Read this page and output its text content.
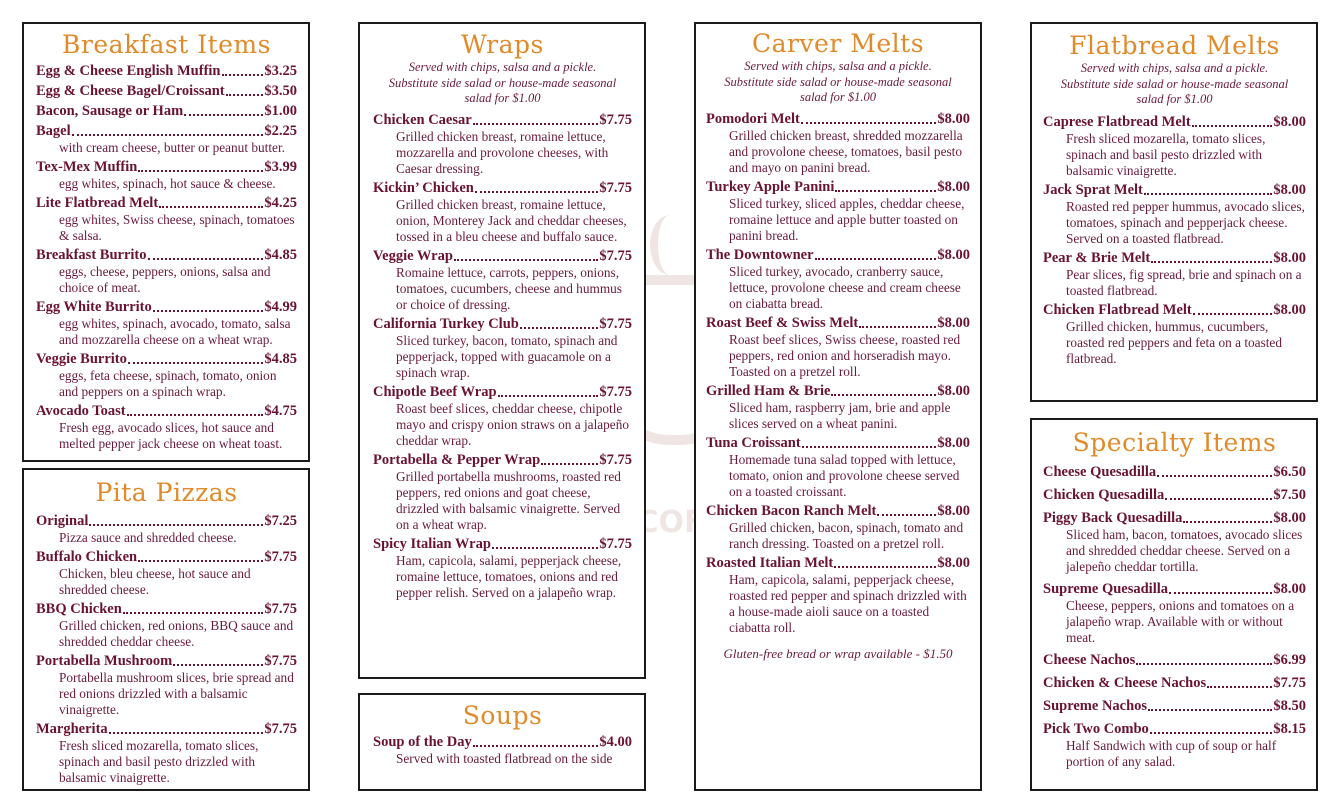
ST COFFEE
Breakfast Items
Egg & Cheese English Muffin	$3.25
Egg & Cheese Bagel/Croissant	$3.50
Bacon, Sausage or Ham	$1.00
Bagel	$2.25
with cream cheese, butter or peanut butter.
Tex-Mex Muffin	$3.99
egg whites, spinach, hot sauce & cheese.
Lite Flatbread Melt	$4.25
egg whites, Swiss cheese, spinach, tomatoes & salsa.
Breakfast Burrito	$4.85
eggs, cheese, peppers, onions, salsa and choice of meat.
Egg White Burrito	$4.99
egg whites, spinach, avocado, tomato, salsa and mozzarella cheese on a wheat wrap.
Veggie Burrito	$4.85
eggs, feta cheese, spinach, tomato, onion and peppers on a spinach wrap.
Avocado Toast	$4.75
Fresh egg, avocado slices, hot sauce and melted pepper jack cheese on wheat toast.
Pita Pizzas
Original	$7.25
Pizza sauce and shredded cheese.
Buffalo Chicken	$7.75
Chicken, bleu cheese, hot sauce and shredded cheese.
BBQ Chicken	$7.75
Grilled chicken, red onions, BBQ sauce and shredded cheddar cheese.
Portabella Mushroom	$7.75
Portabella mushroom slices, brie spread and red onions drizzled with a balsamic vinaigrette.
Margherita	$7.75
Fresh sliced mozarella, tomato slices, spinach and basil pesto drizzled with balsamic vinaigrette.
Wraps
Served with chips, salsa and a pickle. Substitute side salad or house-made seasonal salad for $1.00
Chicken Caesar	$7.75
Grilled chicken breast, romaine lettuce, mozzarella and provolone cheeses, with Caesar dressing.
Kickin’ Chicken	$7.75
Grilled chicken breast, romaine lettuce, onion, Monterey Jack and cheddar cheeses, tossed in a bleu cheese and buffalo sauce.
Veggie Wrap	$7.75
Romaine lettuce, carrots, peppers, onions, tomatoes, cucumbers, cheese and hummus or choice of dressing.
California Turkey Club	$7.75
Sliced turkey, bacon, tomato, spinach and pepperjack, topped with guacamole on a spinach wrap.
Chipotle Beef Wrap	$7.75
Roast beef slices, cheddar cheese, chipotle mayo and crispy onion straws on a jalapeño cheddar wrap.
Portabella & Pepper Wrap	$7.75
Grilled portabella mushrooms, roasted red peppers, red onions and goat cheese, drizzled with balsamic vinaigrette. Served on a wheat wrap.
Spicy Italian Wrap	$7.75
Ham, capicola, salami, pepperjack cheese, romaine lettuce, tomatoes, onions and red pepper relish. Served on a jalapeño wrap.
Soups
Soup of the Day	$4.00
Served with toasted flatbread on the side
Carver Melts
Served with chips, salsa and a pickle. Substitute side salad or house-made seasonal salad for $1.00
Pomodori Melt	$8.00
Grilled chicken breast, shredded mozzarella and provolone cheese, tomatoes, basil pesto and mayo on panini bread.
Turkey Apple Panini	$8.00
Sliced turkey, sliced apples, cheddar cheese, romaine lettuce and apple butter toasted on panini bread.
The Downtowner	$8.00
Sliced turkey, avocado, cranberry sauce, lettuce, provolone cheese and cream cheese on ciabatta bread.
Roast Beef & Swiss Melt	$8.00
Roast beef slices, Swiss cheese, roasted red peppers, red onion and horseradish mayo. Toasted on a pretzel roll.
Grilled Ham & Brie	$8.00
Sliced ham, raspberry jam, brie and apple slices served on a wheat panini.
Tuna Croissant	$8.00
Homemade tuna salad topped with lettuce, tomato, onion and provolone cheese served on a toasted croissant.
Chicken Bacon Ranch Melt	$8.00
Grilled chicken, bacon, spinach, tomato and ranch dressing. Toasted on a pretzel roll.
Roasted Italian Melt	$8.00
Ham, capicola, salami, pepperjack cheese, roasted red pepper and spinach drizzled with a house-made aioli sauce on a toasted ciabatta roll.
Gluten-free bread or wrap available - $1.50
Flatbread Melts
Served with chips, salsa and a pickle. Substitute side salad or house-made seasonal salad for $1.00
Caprese Flatbread Melt	$8.00
Fresh sliced mozarella, tomato slices, spinach and basil pesto drizzled with balsamic vinaigrette.
Jack Sprat Melt	$8.00
Roasted red pepper hummus, avocado slices, tomatoes, spinach and pepperjack cheese. Served on a toasted flatbread.
Pear & Brie Melt	$8.00
Pear slices, fig spread, brie and spinach on a toasted flatbread.
Chicken Flatbread Melt	$8.00
Grilled chicken, hummus, cucumbers, roasted red peppers and feta on a toasted flatbread.
Specialty Items
Cheese Quesadilla	$6.50
Chicken Quesadilla	$7.50
Piggy Back Quesadilla	$8.00
Sliced ham, bacon, tomatoes, avocado slices and shredded cheddar cheese. Served on a jalepeño cheddar tortilla.
Supreme Quesadilla	$8.00
Cheese, peppers, onions and tomatoes on a jalapeño wrap. Available with or without meat.
Cheese Nachos	$6.99
Chicken & Cheese Nachos	$7.75
Supreme Nachos	$8.50
Pick Two Combo	$8.15
Half Sandwich with cup of soup or half portion of any salad.
